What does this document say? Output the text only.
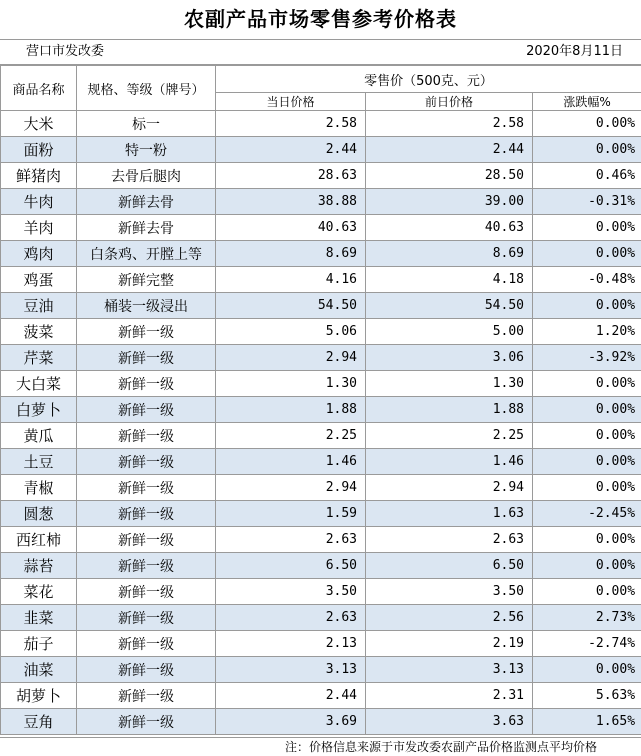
农副产品市场零售参考价格表
营口市发改委	2020年8月11日
商品名称	规格、等级（牌号）	零售价（500克、元）		
		当日价格	前日价格	涨跌幅%
大米	标一	2.58	2.58	0.00%
面粉	特一粉	2.44	2.44	0.00%
鲜猪肉	去骨后腿肉	28.63	28.50	0.46%
牛肉	新鲜去骨	38.88	39.00	-0.31%
羊肉	新鲜去骨	40.63	40.63	0.00%
鸡肉	白条鸡、开膛上等	8.69	8.69	0.00%
鸡蛋	新鲜完整	4.16	4.18	-0.48%
豆油	桶装一级浸出	54.50	54.50	0.00%
菠菜	新鲜一级	5.06	5.00	1.20%
芹菜	新鲜一级	2.94	3.06	-3.92%
大白菜	新鲜一级	1.30	1.30	0.00%
白萝卜	新鲜一级	1.88	1.88	0.00%
黄瓜	新鲜一级	2.25	2.25	0.00%
土豆	新鲜一级	1.46	1.46	0.00%
青椒	新鲜一级	2.94	2.94	0.00%
圆葱	新鲜一级	1.59	1.63	-2.45%
西红柿	新鲜一级	2.63	2.63	0.00%
蒜苔	新鲜一级	6.50	6.50	0.00%
菜花	新鲜一级	3.50	3.50	0.00%
韭菜	新鲜一级	2.63	2.56	2.73%
茄子	新鲜一级	2.13	2.19	-2.74%
油菜	新鲜一级	3.13	3.13	0.00%
胡萝卜	新鲜一级	2.44	2.31	5.63%
豆角	新鲜一级	3.69	3.63	1.65%
注：价格信息来源于市发改委农副产品价格监测点平均价格
